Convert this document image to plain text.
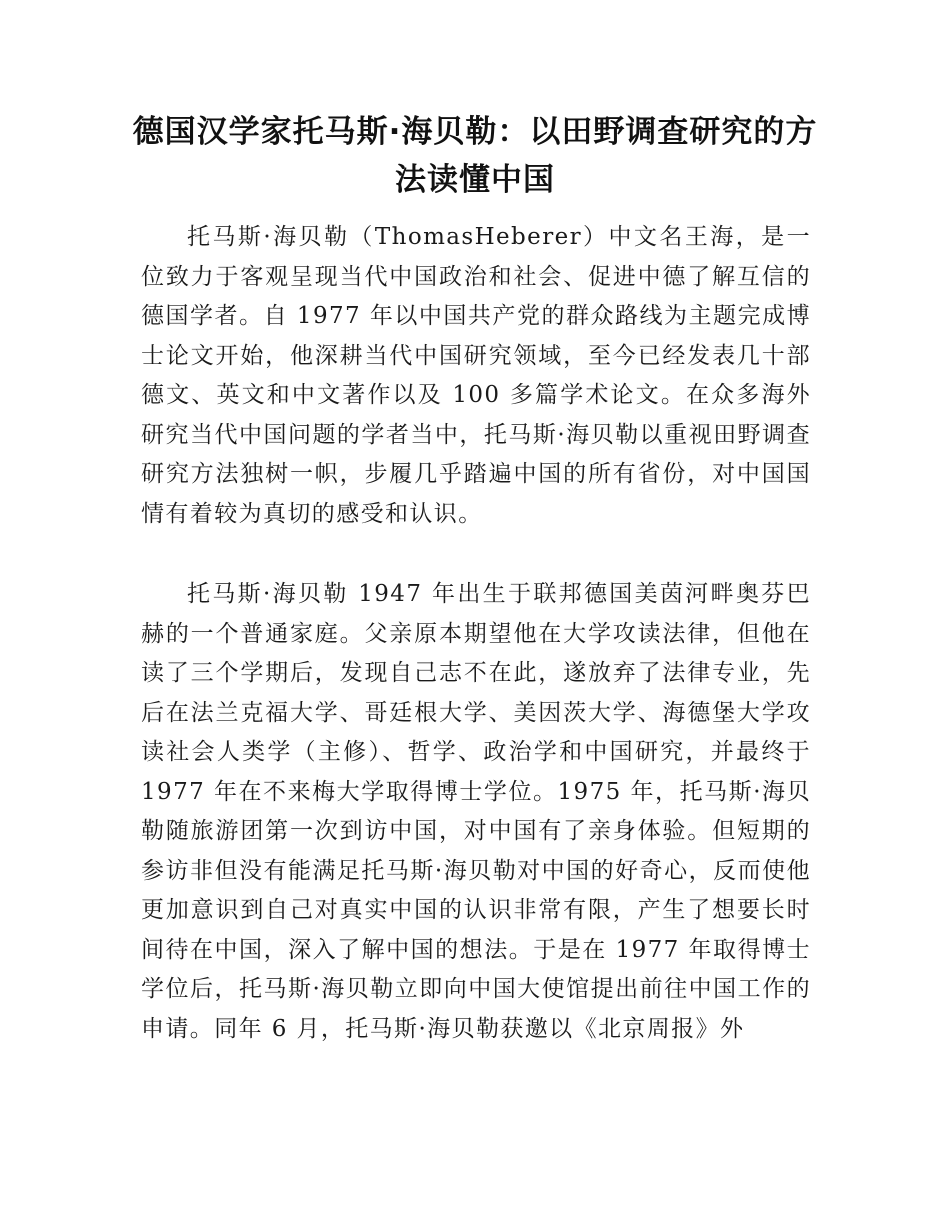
德国汉学家托马斯·海贝勒：以田野调查研究的方法读懂中国

托马斯·海贝勒（ThomasHeberer）中文名王海，是一位致力于客观呈现当代中国政治和社会、促进中德了解互信的德国学者。自 1977 年以中国共产党的群众路线为主题完成博士论文开始，他深耕当代中国研究领域，至今已经发表几十部德文、英文和中文著作以及 100 多篇学术论文。在众多海外研究当代中国问题的学者当中，托马斯·海贝勒以重视田野调查研究方法独树一帜，步履几乎踏遍中国的所有省份，对中国国情有着较为真切的感受和认识。

托马斯·海贝勒 1947 年出生于联邦德国美茵河畔奥芬巴赫的一个普通家庭。父亲原本期望他在大学攻读法律，但他在读了三个学期后，发现自己志不在此，遂放弃了法律专业，先后在法兰克福大学、哥廷根大学、美因茨大学、海德堡大学攻读社会人类学（主修）、哲学、政治学和中国研究，并最终于 1977 年在不来梅大学取得博士学位。1975 年，托马斯·海贝勒随旅游团第一次到访中国，对中国有了亲身体验。但短期的参访非但没有能满足托马斯·海贝勒对中国的好奇心，反而使他更加意识到自己对真实中国的认识非常有限，产生了想要长时间待在中国，深入了解中国的想法。于是在 1977 年取得博士学位后，托马斯·海贝勒立即向中国大使馆提出前往中国工作的申请。同年 6 月，托马斯·海贝勒获邀以《北京周报》外
